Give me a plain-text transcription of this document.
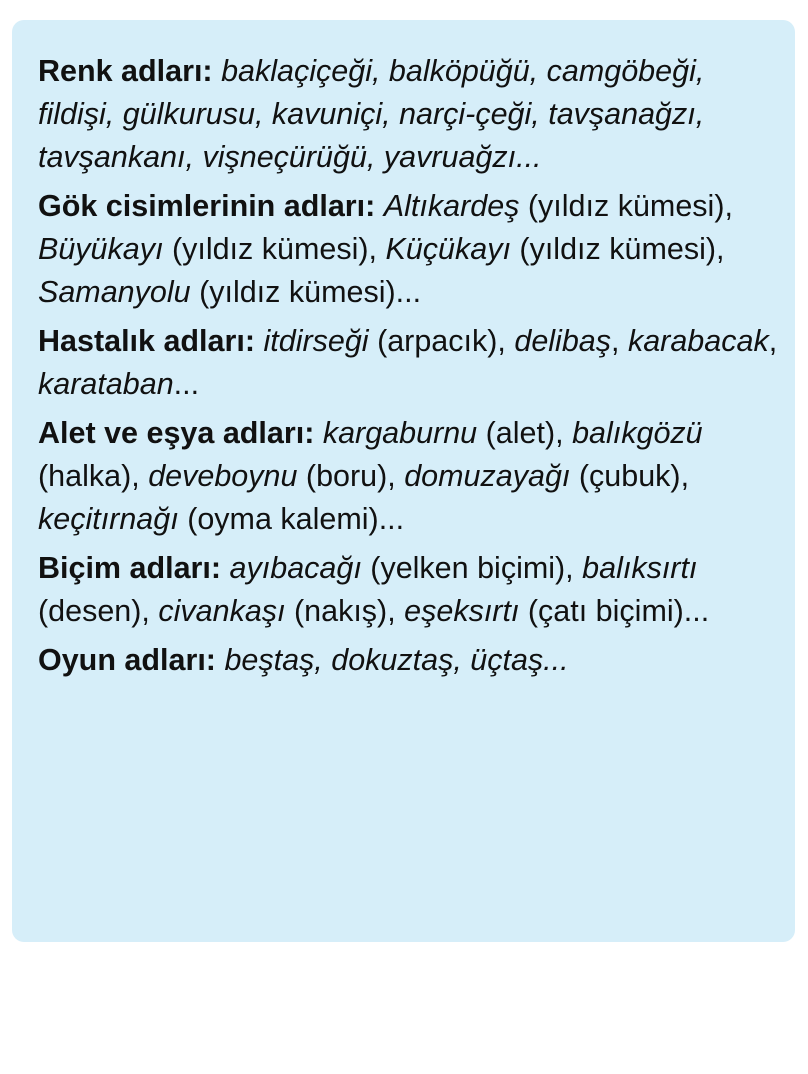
Renk adları: baklaçiçeği, balköpüğü, camgöbeği, fildişi, gülkurusu, kavuniçi, narçi-çeği, tavşanağzı, tavşankanı, vişneçürüğü, yavruağzı...

Gök cisimlerinin adları: Altıkardeş (yıldız kümesi), Büyükayı (yıldız kümesi), Küçükayı (yıldız kümesi), Samanyolu (yıldız kümesi)...

Hastalık adları: itdirseği (arpacık), delibaş, karabacak, karataban...

Alet ve eşya adları: kargaburnu (alet), balıkgözü (halka), deveboynu (boru), domuzayağı (çubuk), keçitırnağı (oyma kalemi)...

Biçim adları: ayıbacağı (yelken biçimi), balıksırtı (desen), civankaşı (nakış), eşeksırtı (çatı biçimi)...

Oyun adları: beştaş, dokuztaş, üçtaş...
